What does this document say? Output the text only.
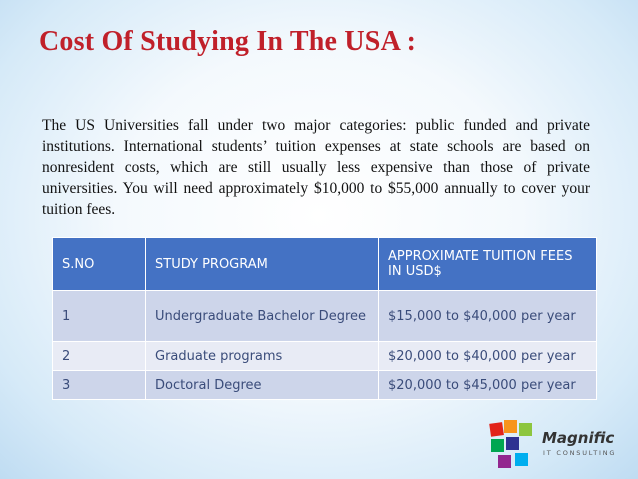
Cost Of Studying In The USA :
The US Universities fall under two major categories: public funded and private institutions. International students’ tuition expenses at state schools are based on nonresident costs, which are still usually less expensive than those of private universities. You will need approximately $10,000 to $55,000 annually to cover your tuition fees.
S.NO	STUDY PROGRAM	APPROXIMATE TUITION FEES IN USD$
1	Undergraduate Bachelor Degree	$15,000 to $40,000 per year
2	Graduate programs	$20,000 to $40,000 per year
3	Doctoral Degree	$20,000 to $45,000 per year
Magnific
IT CONSULTING
